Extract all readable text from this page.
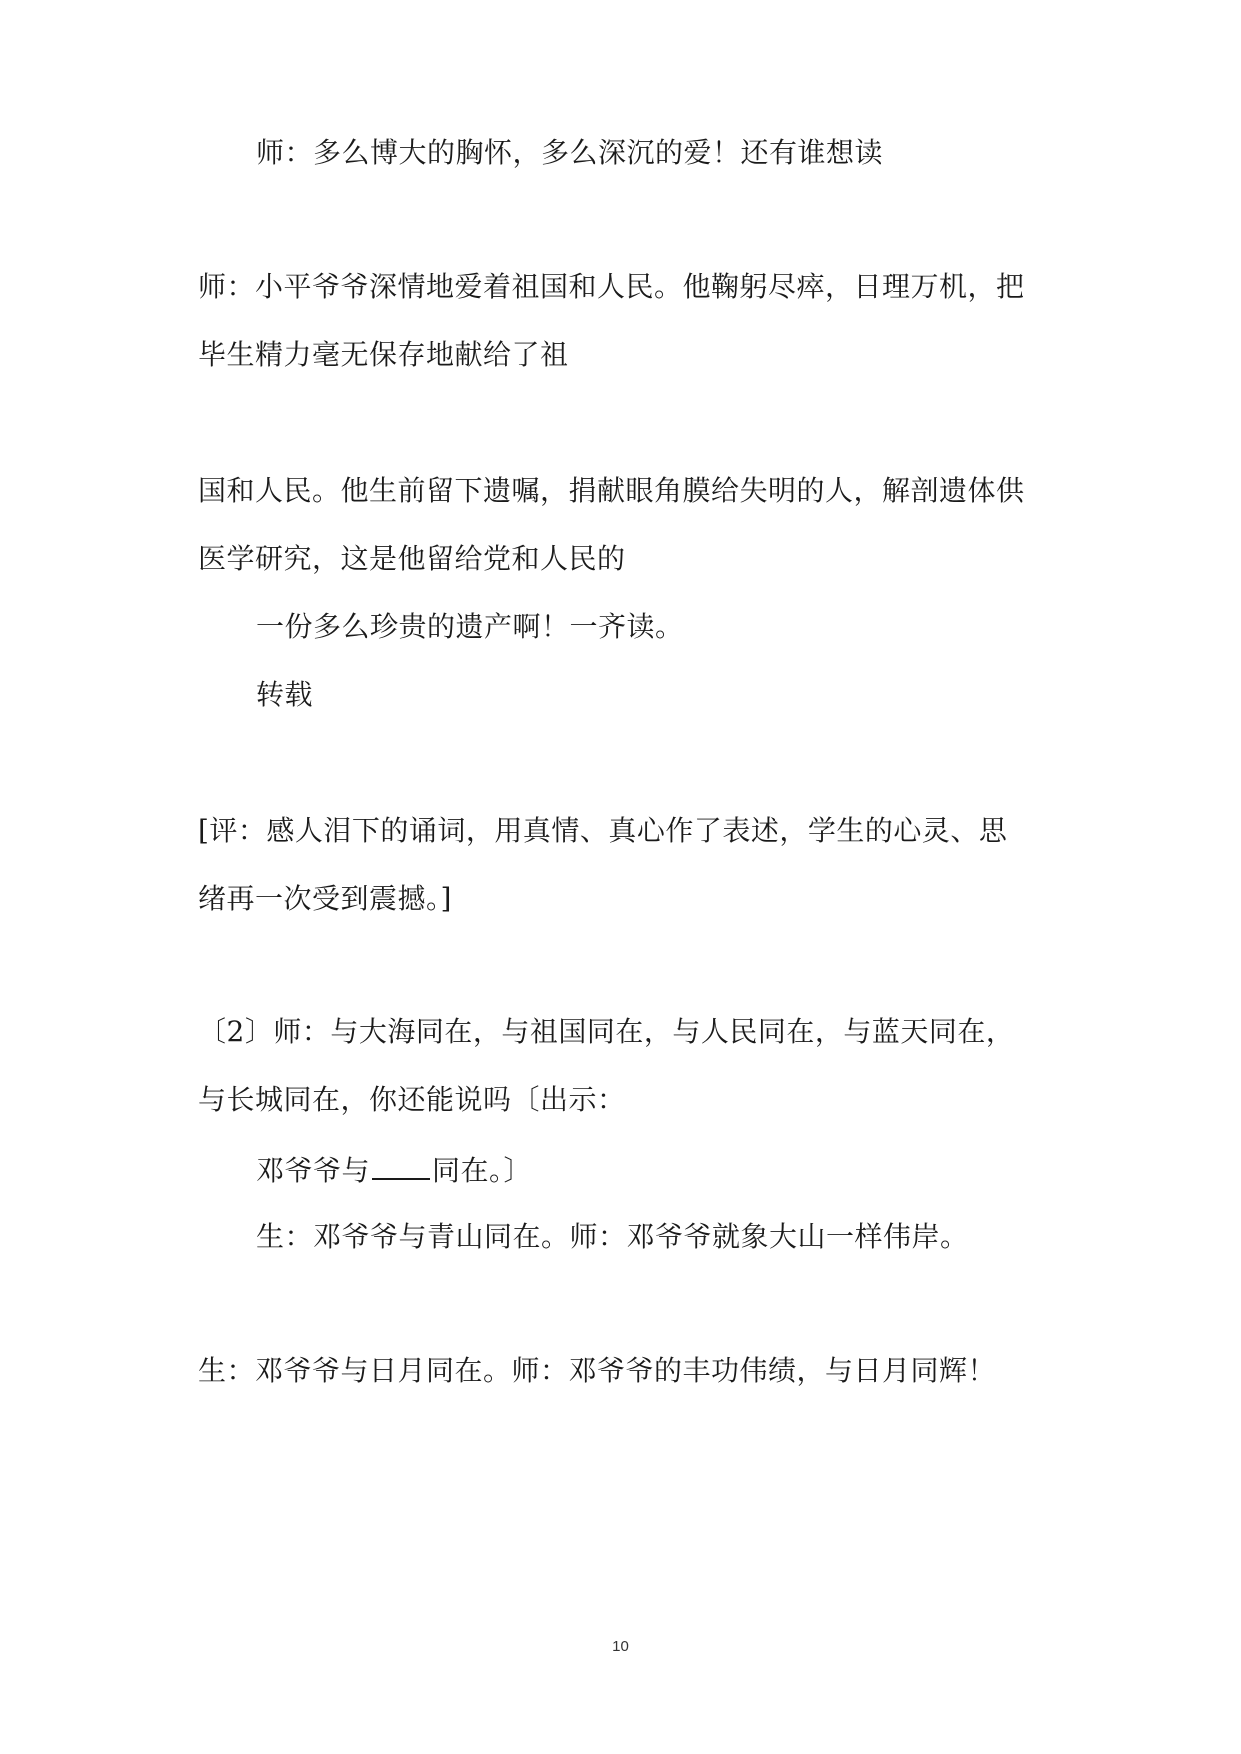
师：多么博大的胸怀，多么深沉的爱！还有谁想读
师：小平爷爷深情地爱着祖国和人民。他鞠躬尽瘁，日理万机，把
毕生精力毫无保存地献给了祖
国和人民。他生前留下遗嘱，捐献眼角膜给失明的人，解剖遗体供
医学研究，这是他留给党和人民的
一份多么珍贵的遗产啊！一齐读。
转载
[评：感人泪下的诵词，用真情、真心作了表述，学生的心灵、思
绪再一次受到震撼。]
〔2〕师：与大海同在，与祖国同在，与人民同在，与蓝天同在，
与长城同在，你还能说吗〔出示：
邓爷爷与 同在。〕
生：邓爷爷与青山同在。师：邓爷爷就象大山一样伟岸。
生：邓爷爷与日月同在。师：邓爷爷的丰功伟绩，与日月同辉！
10
